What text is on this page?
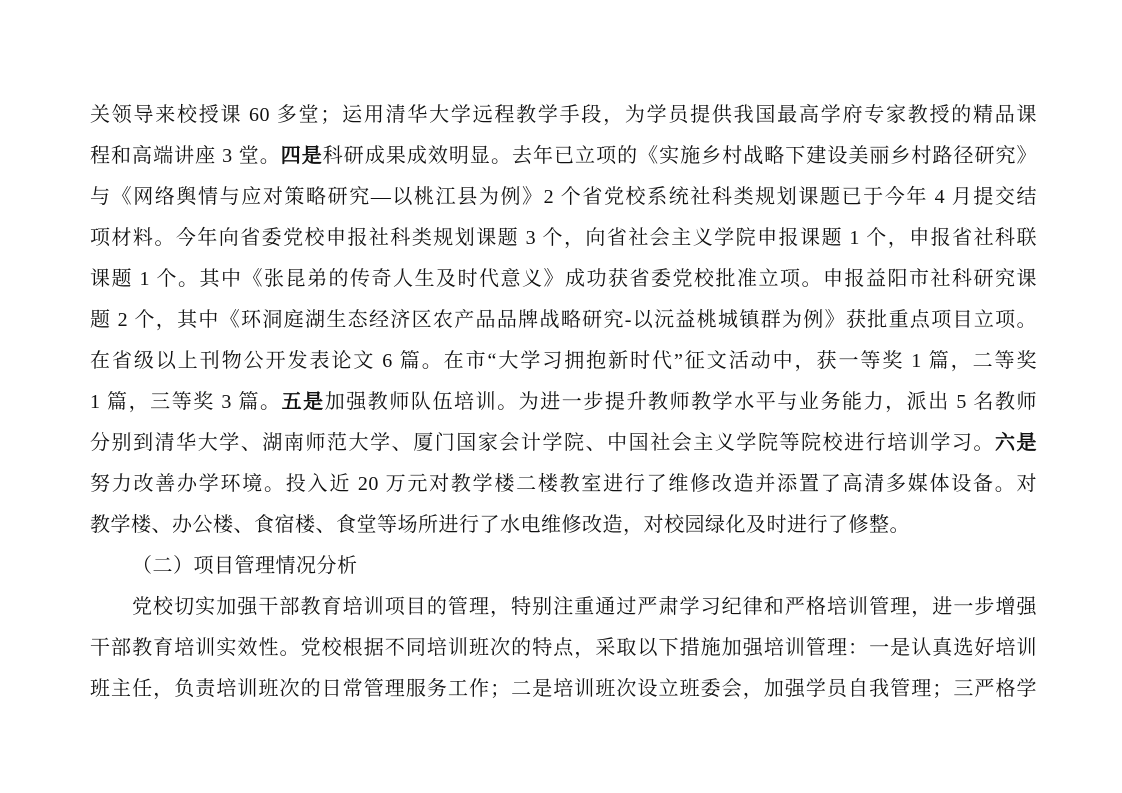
关领导来校授课 60 多堂；运用清华大学远程教学手段，为学员提供我国最高学府专家教授的精品课
程和高端讲座 3 堂。四是科研成果成效明显。去年已立项的《实施乡村战略下建设美丽乡村路径研究》
与《网络舆情与应对策略研究—以桃江县为例》2 个省党校系统社科类规划课题已于今年 4 月提交结
项材料。今年向省委党校申报社科类规划课题 3 个，向省社会主义学院申报课题 1 个，申报省社科联
课题 1 个。其中《张昆弟的传奇人生及时代意义》成功获省委党校批准立项。申报益阳市社科研究课
题 2 个，其中《环洞庭湖生态经济区农产品品牌战略研究-以沅益桃城镇群为例》获批重点项目立项。
在省级以上刊物公开发表论文 6 篇。在市“大学习拥抱新时代”征文活动中，获一等奖 1 篇，二等奖
1 篇，三等奖 3 篇。五是加强教师队伍培训。为进一步提升教师教学水平与业务能力，派出 5 名教师
分别到清华大学、湖南师范大学、厦门国家会计学院、中国社会主义学院等院校进行培训学习。六是
努力改善办学环境。投入近 20 万元对教学楼二楼教室进行了维修改造并添置了高清多媒体设备。对
教学楼、办公楼、食宿楼、食堂等场所进行了水电维修改造，对校园绿化及时进行了修整。
（二）项目管理情况分析
党校切实加强干部教育培训项目的管理，特别注重通过严肃学习纪律和严格培训管理，进一步增强
干部教育培训实效性。党校根据不同培训班次的特点，采取以下措施加强培训管理：一是认真选好培训
班主任，负责培训班次的日常管理服务工作；二是培训班次设立班委会，加强学员自我管理；三严格学
